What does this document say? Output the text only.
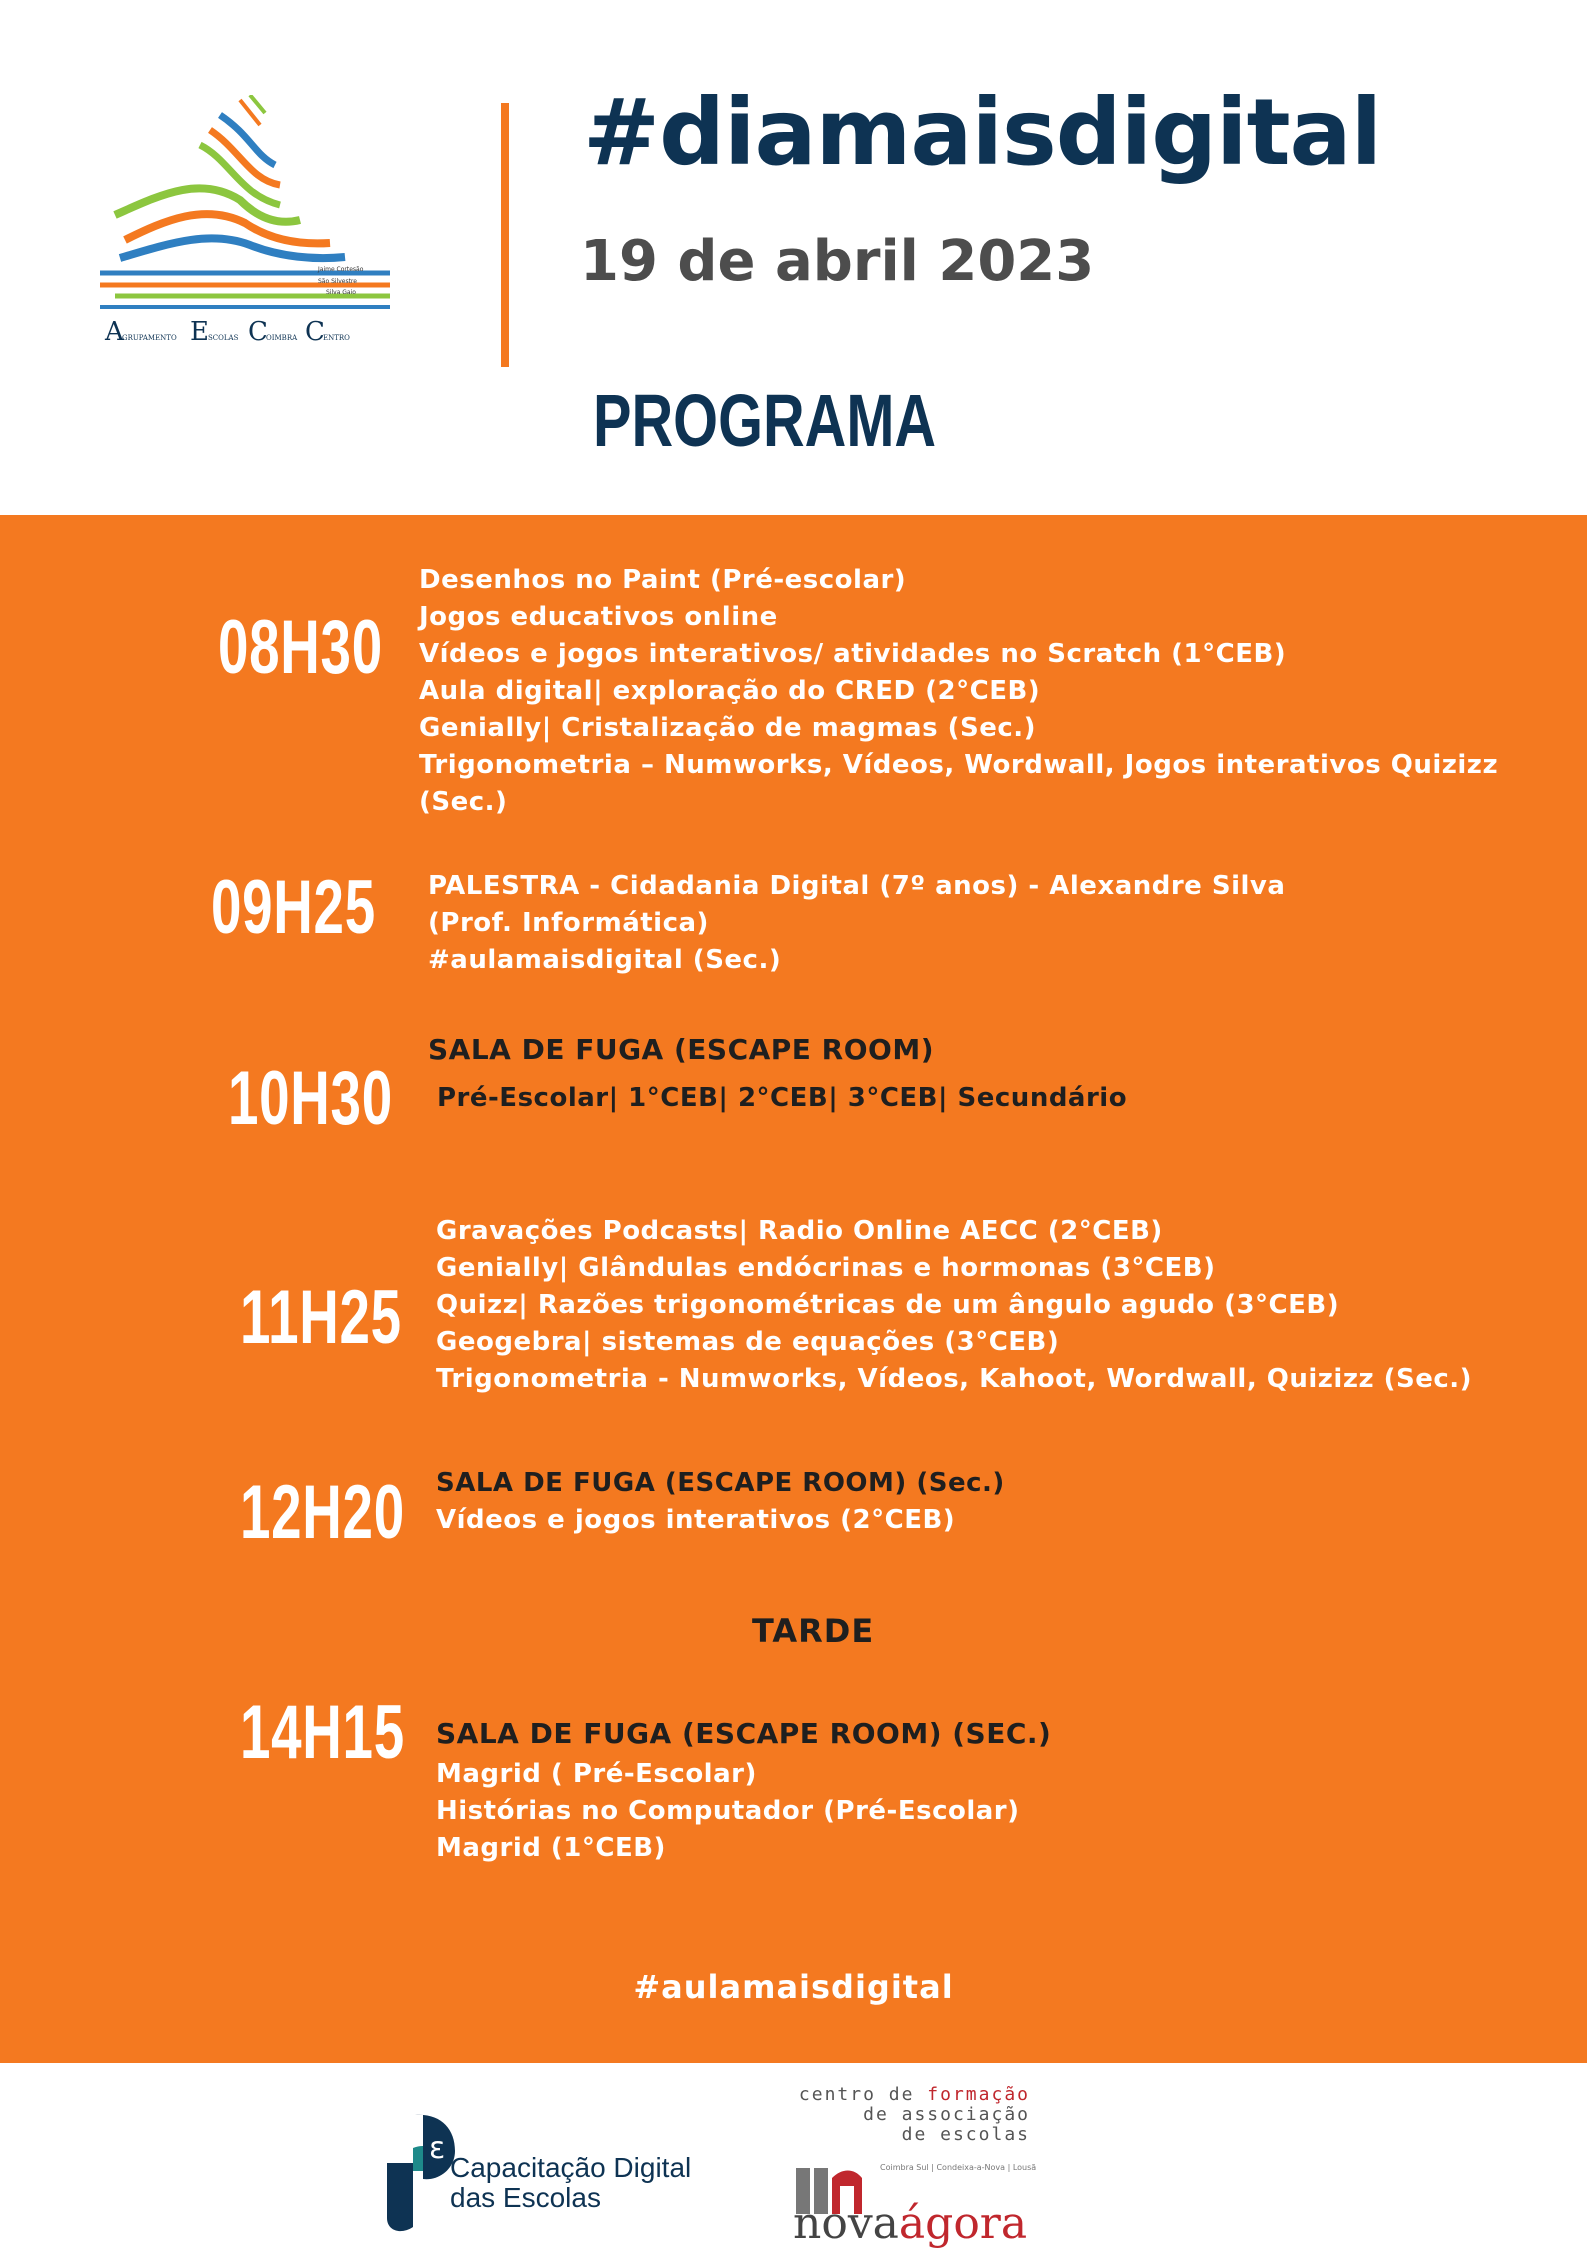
Jaime Cortesão
São Silvestre
Silva Gaio
A
GRUPAMENTO E SCOLAS C
OIMBRA C
ENTRO
#diamaisdigital
19 de abril 2023
PROGRAMA
08H30
Desenhos no Paint (Pré-escolar)
Jogos educativos online
Vídeos e jogos interativos/ atividades no Scratch (1°CEB)
Aula digital| exploração do CRED (2°CEB)
Genially| Cristalização de magmas (Sec.)
Trigonometria – Numworks, Vídeos, Wordwall, Jogos interativos Quizizz
(Sec.)
09H25 PALESTRA - Cidadania Digital (7º anos) - Alexandre Silva
(Prof. Informática)
#aulamaisdigital (Sec.)
10H30
SALA DE FUGA (ESCAPE ROOM)
Pré-Escolar| 1°CEB| 2°CEB| 3°CEB| Secundário
11H25
Gravações Podcasts| Radio Online AECC (2°CEB)
Genially| Glândulas endócrinas e hormonas (3°CEB)
Quizz| Razões trigonométricas de um ângulo agudo (3°CEB)
Geogebra| sistemas de equações (3°CEB)
Trigonometria - Numworks, Vídeos, Kahoot, Wordwall, Quizizz (Sec.)
12H20 SALA DE FUGA (ESCAPE ROOM) (Sec.)
Vídeos e jogos interativos (2°CEB)
TARDE
14H15 SALA DE FUGA (ESCAPE ROOM) (SEC.)
Magrid ( Pré-Escolar)
Histórias no Computador (Pré-Escolar)
Magrid (1°CEB)
#aulamaisdigital
ε
Capacitação Digital
das Escolas
centro de formação
de associação
de escolas
Coimbra Sul | Condeixa-a-Nova | Lousã
novaágora
